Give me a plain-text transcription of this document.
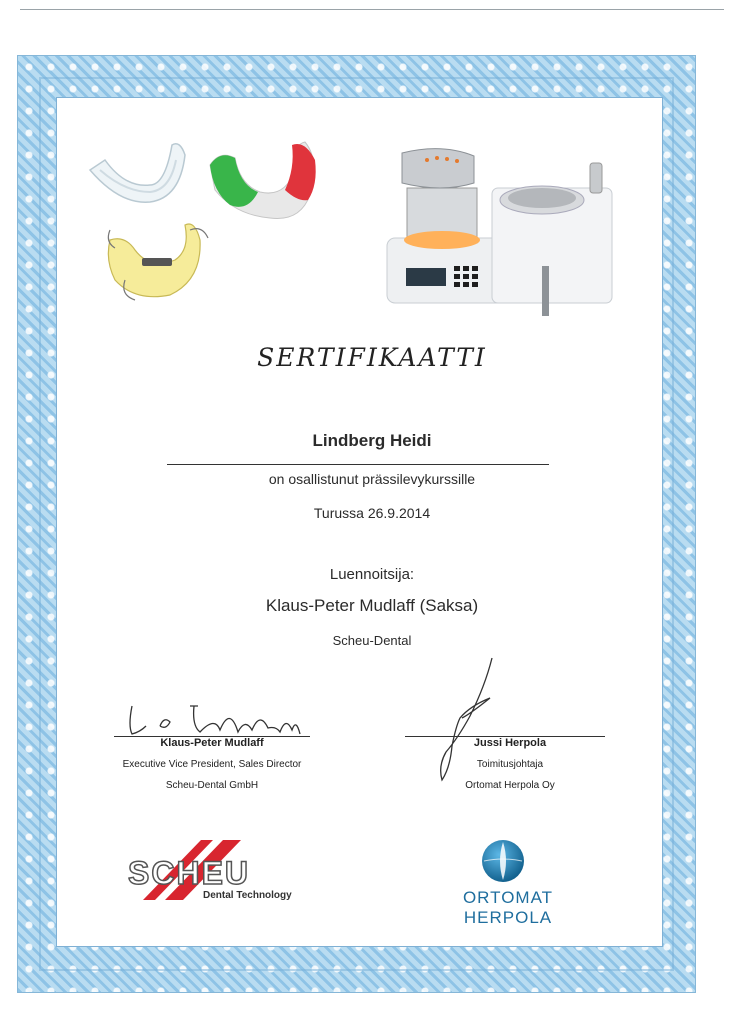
SERTIFIKAATTI
Lindberg Heidi
on osallistunut prässilevykurssille
Turussa 26.9.2014
Luennoitsija:
Klaus-Peter Mudlaff (Saksa)
Scheu-Dental
Klaus-Peter Mudlaff
Executive Vice President, Sales Director
Scheu-Dental GmbH
Jussi Herpola
Toimitusjohtaja
Ortomat Herpola Oy
SCHEU
Dental Technology	ORTOMAT HERPOLA
